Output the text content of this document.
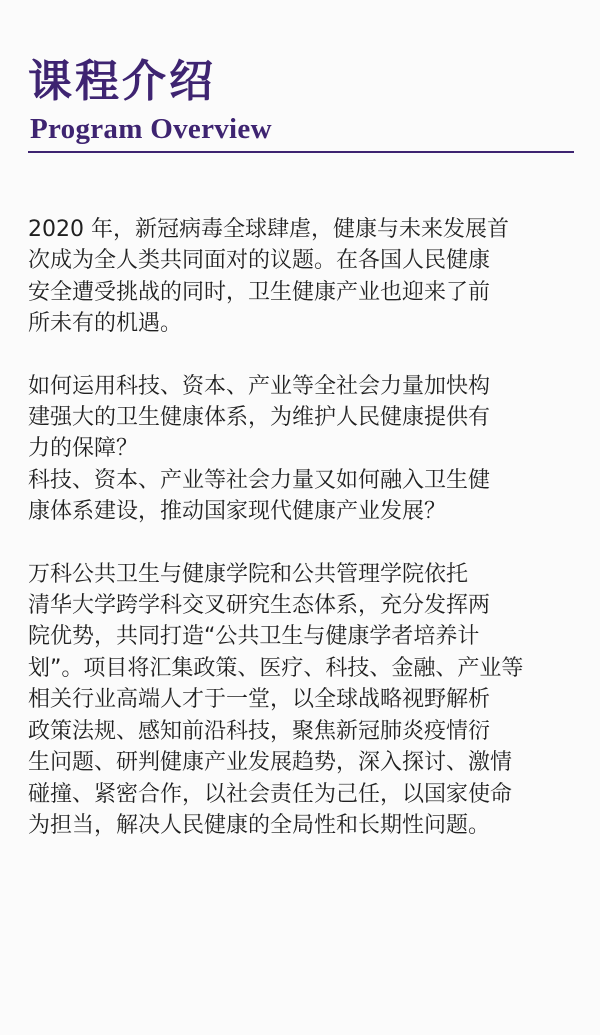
课程介绍
Program Overview

2020 年，新冠病毒全球肆虐，健康与未来发展首
次成为全人类共同面对的议题。在各国人民健康
安全遭受挑战的同时，卫生健康产业也迎来了前
所未有的机遇。

如何运用科技、资本、产业等全社会力量加快构
建强大的卫生健康体系，为维护人民健康提供有
力的保障？

科技、资本、产业等社会力量又如何融入卫生健
康体系建设，推动国家现代健康产业发展？

万科公共卫生与健康学院和公共管理学院依托
清华大学跨学科交叉研究生态体系，充分发挥两
院优势，共同打造“公共卫生与健康学者培养计
划”。项目将汇集政策、医疗、科技、金融、产业等
相关行业高端人才于一堂，以全球战略视野解析
政策法规、感知前沿科技，聚焦新冠肺炎疫情衍
生问题、研判健康产业发展趋势，深入探讨、激情
碰撞、紧密合作，以社会责任为己任，以国家使命
为担当，解决人民健康的全局性和长期性问题。
